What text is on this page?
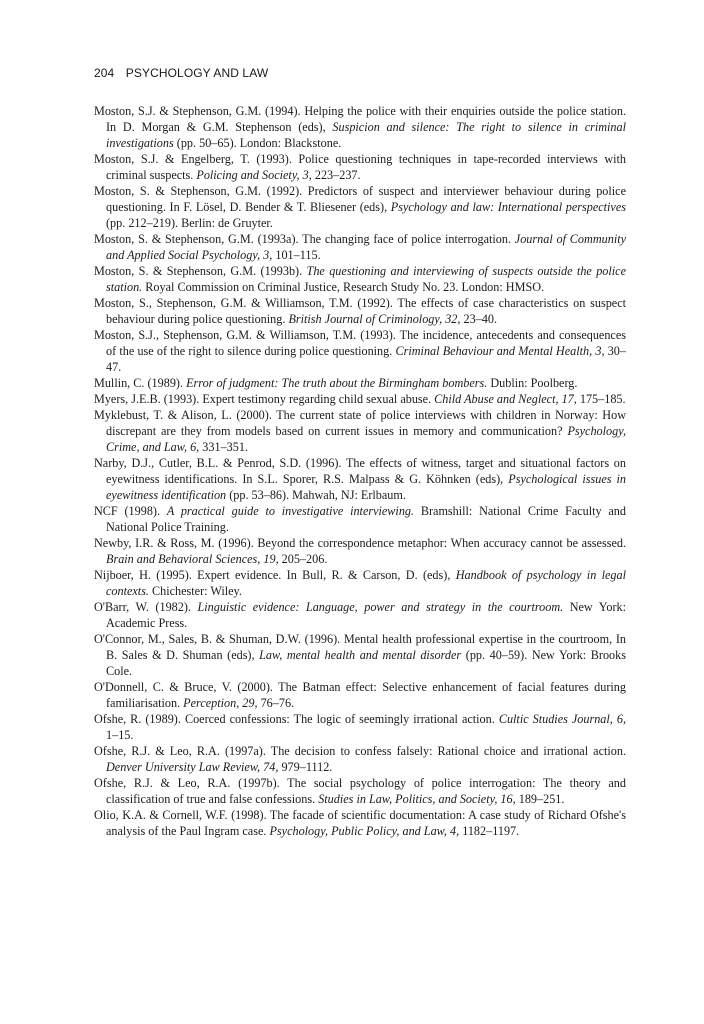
204 PSYCHOLOGY AND LAW
Moston, S.J. & Stephenson, G.M. (1994). Helping the police with their enquiries outside the police station. In D. Morgan & G.M. Stephenson (eds), Suspicion and silence: The right to silence in criminal investigations (pp. 50–65). London: Blackstone.
Moston, S.J. & Engelberg, T. (1993). Police questioning techniques in tape-recorded interviews with criminal suspects. Policing and Society, 3, 223–237.
Moston, S. & Stephenson, G.M. (1992). Predictors of suspect and interviewer behaviour during police questioning. In F. Lösel, D. Bender & T. Bliesener (eds), Psychology and law: International perspectives (pp. 212–219). Berlin: de Gruyter.
Moston, S. & Stephenson, G.M. (1993a). The changing face of police interrogation. Journal of Community and Applied Social Psychology, 3, 101–115.
Moston, S. & Stephenson, G.M. (1993b). The questioning and interviewing of suspects outside the police station. Royal Commission on Criminal Justice, Research Study No. 23. London: HMSO.
Moston, S., Stephenson, G.M. & Williamson, T.M. (1992). The effects of case characteristics on suspect behaviour during police questioning. British Journal of Criminology, 32, 23–40.
Moston, S.J., Stephenson, G.M. & Williamson, T.M. (1993). The incidence, antecedents and consequences of the use of the right to silence during police questioning. Criminal Behaviour and Mental Health, 3, 30–47.
Mullin, C. (1989). Error of judgment: The truth about the Birmingham bombers. Dublin: Poolberg.
Myers, J.E.B. (1993). Expert testimony regarding child sexual abuse. Child Abuse and Neglect, 17, 175–185.
Myklebust, T. & Alison, L. (2000). The current state of police interviews with children in Norway: How discrepant are they from models based on current issues in memory and communication? Psychology, Crime, and Law, 6, 331–351.
Narby, D.J., Cutler, B.L. & Penrod, S.D. (1996). The effects of witness, target and situational factors on eyewitness identifications. In S.L. Sporer, R.S. Malpass & G. Köhnken (eds), Psychological issues in eyewitness identification (pp. 53–86). Mahwah, NJ: Erlbaum.
NCF (1998). A practical guide to investigative interviewing. Bramshill: National Crime Faculty and National Police Training.
Newby, I.R. & Ross, M. (1996). Beyond the correspondence metaphor: When accuracy cannot be assessed. Brain and Behavioral Sciences, 19, 205–206.
Nijboer, H. (1995). Expert evidence. In Bull, R. & Carson, D. (eds), Handbook of psychology in legal contexts. Chichester: Wiley.
O'Barr, W. (1982). Linguistic evidence: Language, power and strategy in the courtroom. New York: Academic Press.
O'Connor, M., Sales, B. & Shuman, D.W. (1996). Mental health professional expertise in the courtroom, In B. Sales & D. Shuman (eds), Law, mental health and mental disorder (pp. 40–59). New York: Brooks Cole.
O'Donnell, C. & Bruce, V. (2000). The Batman effect: Selective enhancement of facial features during familiarisation. Perception, 29, 76–76.
Ofshe, R. (1989). Coerced confessions: The logic of seemingly irrational action. Cultic Studies Journal, 6, 1–15.
Ofshe, R.J. & Leo, R.A. (1997a). The decision to confess falsely: Rational choice and irrational action. Denver University Law Review, 74, 979–1112.
Ofshe, R.J. & Leo, R.A. (1997b). The social psychology of police interrogation: The theory and classification of true and false confessions. Studies in Law, Politics, and Society, 16, 189–251.
Olio, K.A. & Cornell, W.F. (1998). The facade of scientific documentation: A case study of Richard Ofshe's analysis of the Paul Ingram case. Psychology, Public Policy, and Law, 4, 1182–1197.
